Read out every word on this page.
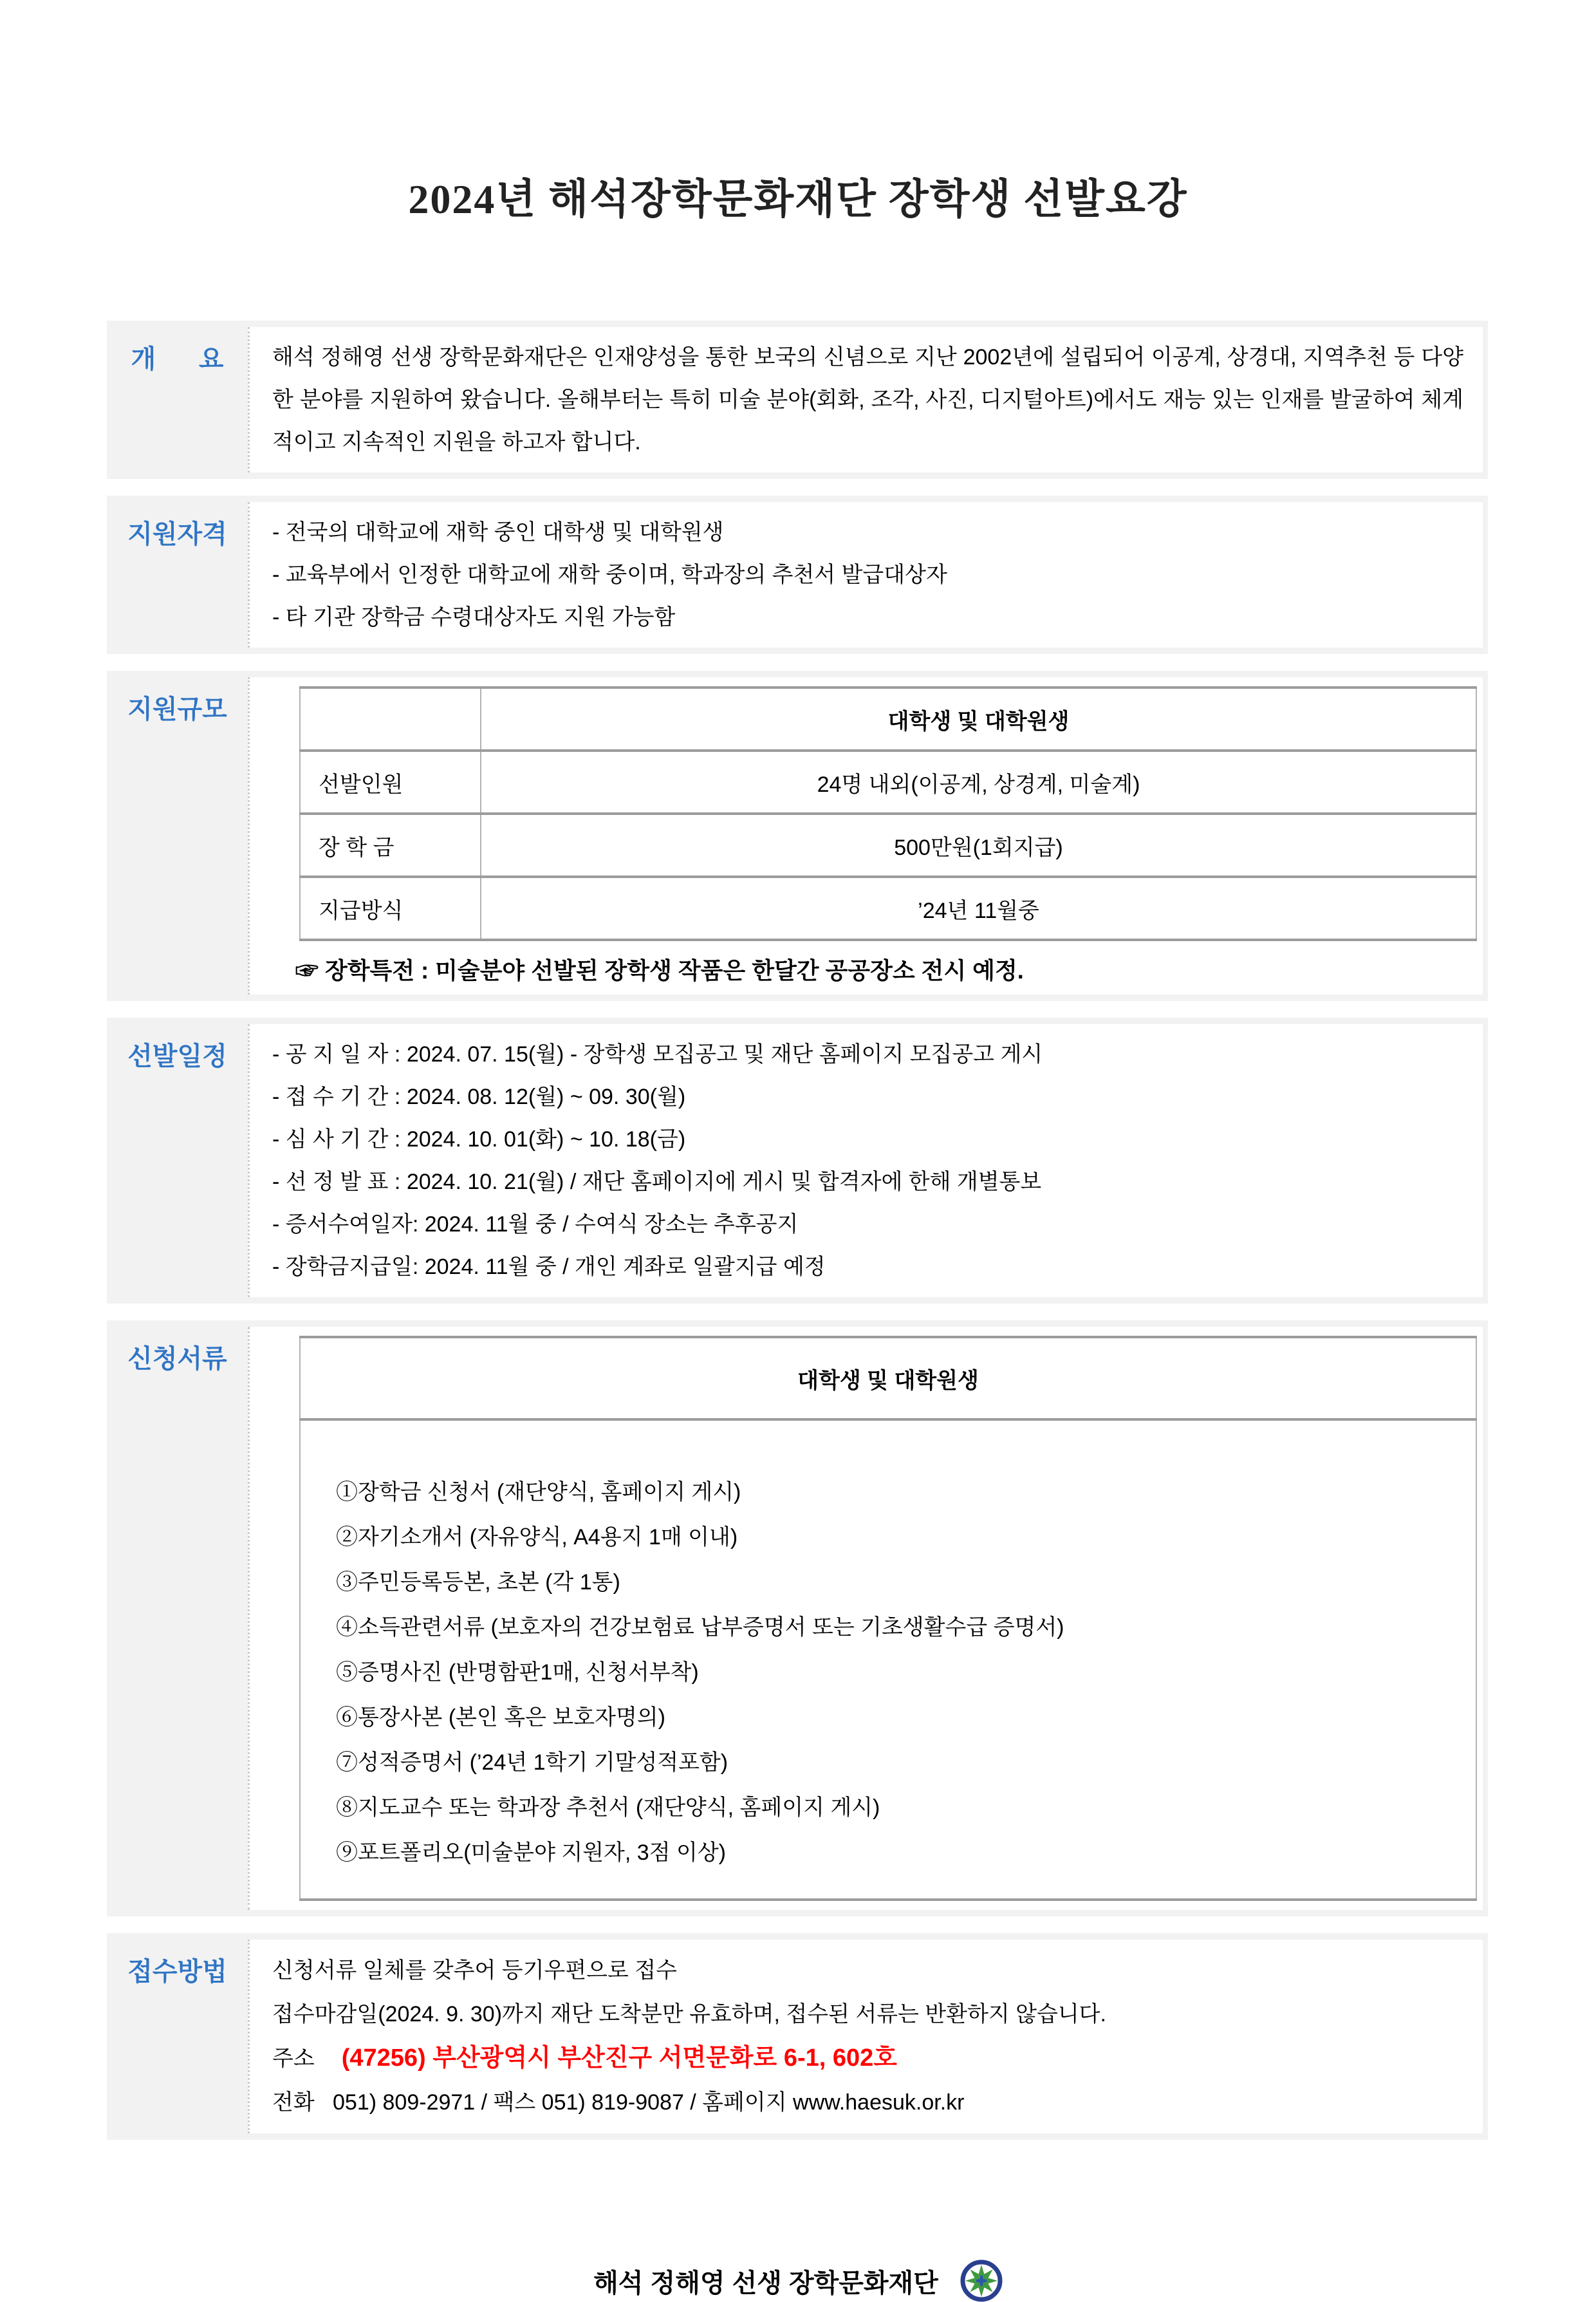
2024년 해석장학문화재단 장학생 선발요강
개      요	해석 정해영 선생 장학문화재단은 인재양성을 통한 보국의 신념으로 지난 2002년에 설립되어 이공계, 상경대, 지역추천 등 다양한 분야를 지원하여 왔습니다. 올해부터는 특히 미술 분야(회화, 조각, 사진, 디지털아트)에서도 재능 있는 인재를 발굴하여 체계적이고 지속적인 지원을 하고자 합니다.

지원자격	- 전국의 대학교에 재학 중인 대학생 및 대학원생
- 교육부에서 인정한 대학교에 재학 중이며, 학과장의 추천서 발급대상자
- 타 기관 장학금 수령대상자도 지원 가능함
지원규모
		대학생 및 대학원생
선발인원	24명 내외(이공계, 상경계, 미술계)
장 학 금	500만원(1회지급)
지급방식	’24년 11월중
☞ 장학특전 : 미술분야 선발된 장학생 작품은 한달간 공공장소 전시 예정.
선발일정	- 공 지 일 자 : 2024. 07. 15(월) - 장학생 모집공고 및 재단 홈페이지 모집공고 게시
- 접 수 기 간 : 2024. 08. 12(월) ~ 09. 30(월)
- 심 사 기 간 : 2024. 10. 01(화) ~ 10. 18(금)
- 선 정 발 표 : 2024. 10. 21(월) / 재단 홈페이지에 게시 및 합격자에 한해 개별통보
- 증서수여일자: 2024. 11월 중 / 수여식 장소는 추후공지
- 장학금지급일: 2024. 11월 중 / 개인 계좌로 일괄지급 예정
신청서류
대학생 및 대학원생

①장학금 신청서 (재단양식, 홈페이지 게시)
②자기소개서 (자유양식, A4용지 1매 이내)
③주민등록등본, 초본 (각 1통)
④소득관련서류 (보호자의 건강보험료 납부증명서 또는 기초생활수급 증명서)
⑤증명사진 (반명함판1매, 신청서부착)
⑥통장사본 (본인 혹은 보호자명의)
⑦성적증명서 (’24년 1학기 기말성적포함)
⑧지도교수 또는 학과장 추천서 (재단양식, 홈페이지 게시)
⑨포트폴리오(미술분야 지원자, 3점 이상)
접수방법	신청서류 일체를 갖추어 등기우편으로 접수
접수마감일(2024. 9. 30)까지 재단 도착분만 유효하며, 접수된 서류는 반환하지 않습니다.
주소 (47256) 부산광역시 부산진구 서면문화로 6-1, 602호
전화   051) 809-2971 / 팩스 051) 819-9087 / 홈페이지 www.haesuk.or.kr
해석 정해영 선생 장학문화재단
